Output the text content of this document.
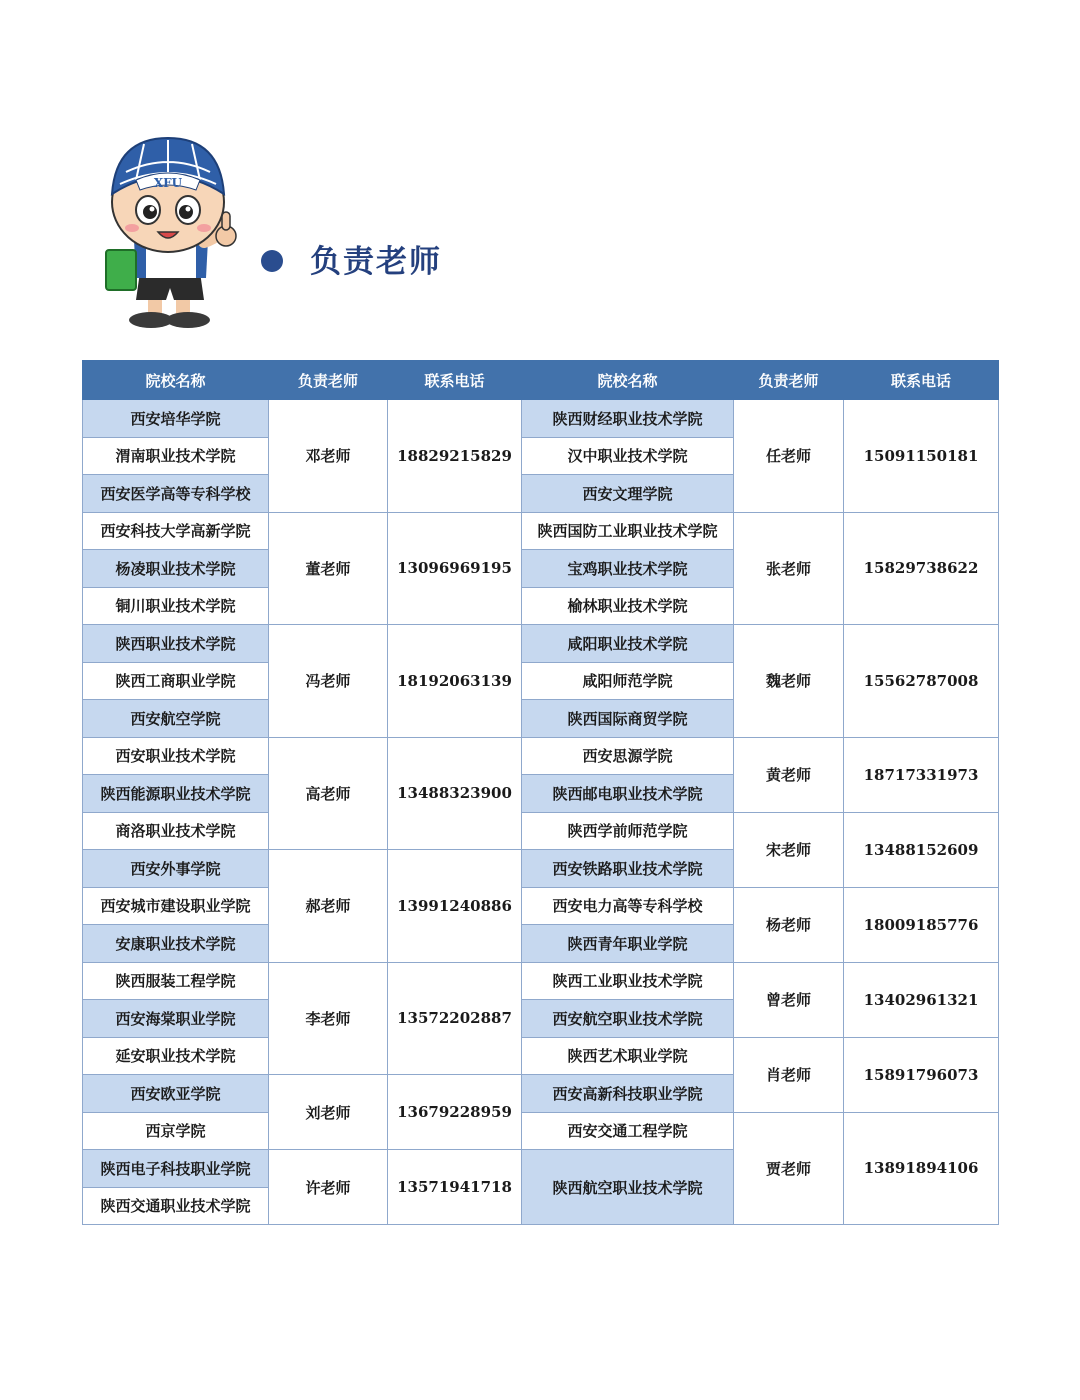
XFU
负责老师
院校名称	负责老师	联系电话	院校名称	负责老师	联系电话
西安培华学院	邓老师	18829215829	陕西财经职业技术学院	任老师	15091150181
渭南职业技术学院			汉中职业技术学院		
西安医学高等专科学校			西安文理学院		
西安科技大学高新学院	董老师	13096969195	陕西国防工业职业技术学院	张老师	15829738622
杨凌职业技术学院			宝鸡职业技术学院		
铜川职业技术学院			榆林职业技术学院		
陕西职业技术学院	冯老师	18192063139	咸阳职业技术学院	魏老师	15562787008
陕西工商职业学院			咸阳师范学院		
西安航空学院			陕西国际商贸学院		
西安职业技术学院	高老师	13488323900	西安思源学院	黄老师	18717331973
陕西能源职业技术学院			陕西邮电职业技术学院		
商洛职业技术学院			陕西学前师范学院	宋老师	13488152609
西安外事学院	郝老师	13991240886	西安铁路职业技术学院		
西安城市建设职业学院			西安电力高等专科学校	杨老师	18009185776
安康职业技术学院			陕西青年职业学院		
陕西服装工程学院	李老师	13572202887	陕西工业职业技术学院	曾老师	13402961321
西安海棠职业学院			西安航空职业技术学院		
延安职业技术学院			陕西艺术职业学院	肖老师	15891796073
西安欧亚学院	刘老师	13679228959	西安高新科技职业学院		
西京学院			西安交通工程学院	贾老师	13891894106
陕西电子科技职业学院	许老师	13571941718	陕西航空职业技术学院		
陕西交通职业技术学院					
